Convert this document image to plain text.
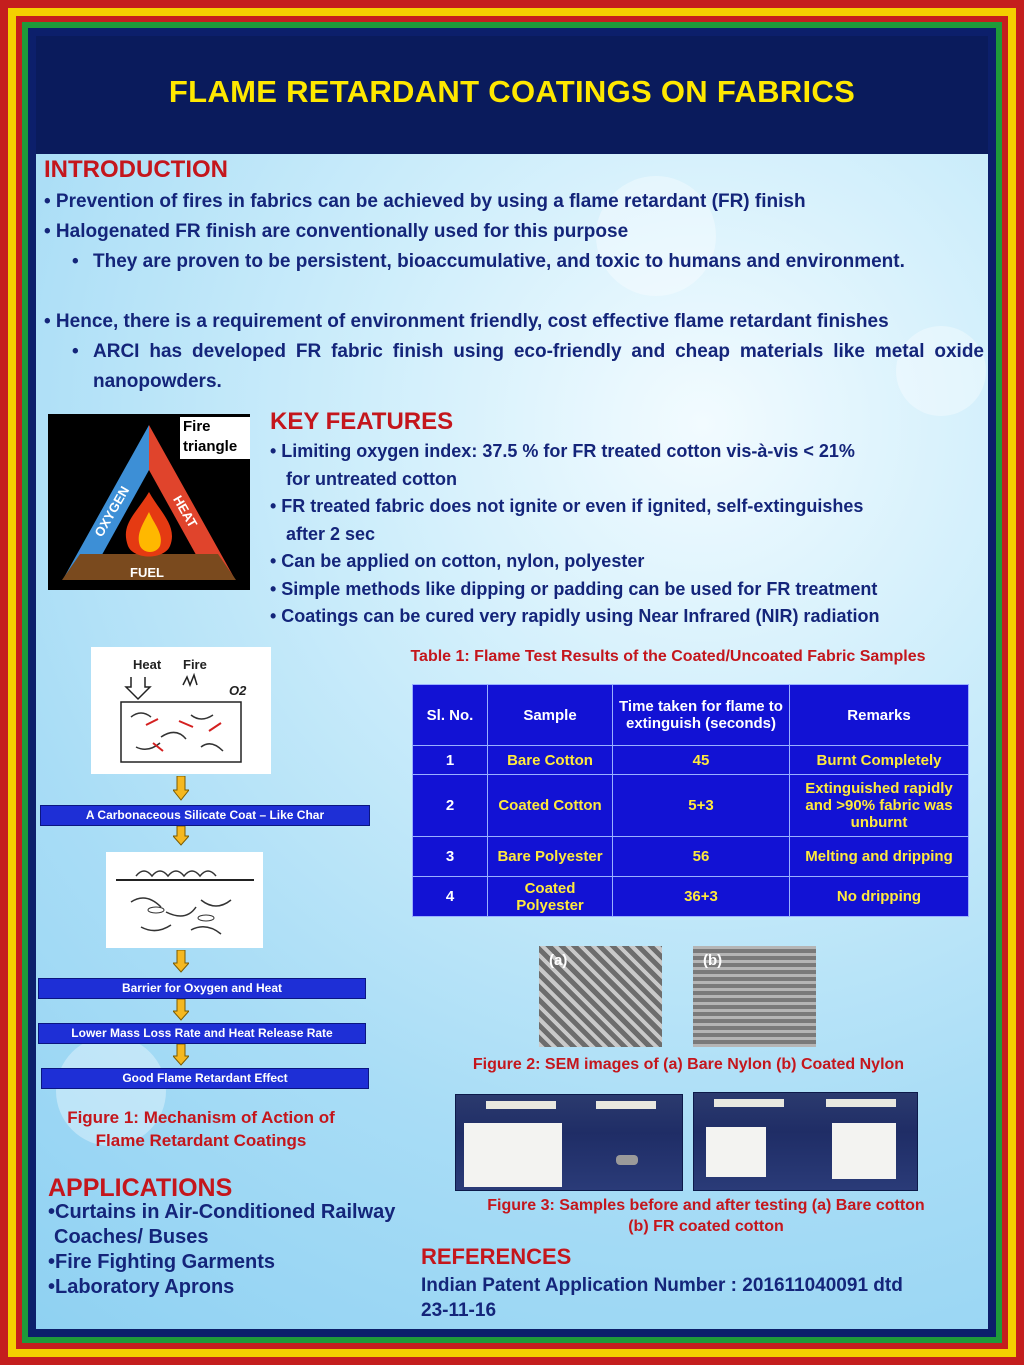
FLAME RETARDANT COATINGS ON FABRICS
INTRODUCTION
• Prevention of fires in fabrics can be achieved by using a flame retardant (FR) finish
• Halogenated FR finish are conventionally used for this purpose
• They are proven to be persistent, bioaccumulative, and toxic to humans and environment.
• Hence, there is a requirement of environment friendly, cost effective flame retardant finishes
• ARCI has developed FR fabric finish using eco-friendly and cheap materials like metal oxide nanopowders.
Fire
triangle
OXYGEN	HEAT
FUEL
KEY FEATURES
• Limiting oxygen index: 37.5 % for FR treated cotton vis-à-vis < 21%
for untreated cotton
• FR treated fabric does not ignite or even if ignited, self-extinguishes
after 2 sec
• Can be applied on cotton, nylon, polyester
• Simple methods like dipping or padding can be used for FR treatment
• Coatings can be cured very rapidly using Near Infrared (NIR) radiation
Heat Fire
O2
A Carbonaceous Silicate Coat – Like Char
Barrier for Oxygen and Heat
Lower Mass Loss Rate and Heat Release Rate
Good Flame Retardant Effect
Figure 1: Mechanism of Action of
Flame Retardant Coatings
Table 1: Flame Test Results of the Coated/Uncoated Fabric Samples
Sl. No.	Sample	Time taken for flame to extinguish (seconds)	Remarks
1	Bare Cotton	45	Burnt Completely
2	Coated Cotton	5+3	Extinguished rapidly and >90% fabric was unburnt
3	Bare Polyester	56	Melting and dripping
4	Coated Polyester	36+3	No dripping
(a)	(b)
Figure 2: SEM images of (a) Bare Nylon (b) Coated Nylon
Figure 3: Samples before and after testing (a) Bare cotton
(b) FR coated cotton
APPLICATIONS
•Curtains in Air-Conditioned Railway
Coaches/ Buses
•Fire Fighting Garments
•Laboratory Aprons
REFERENCES
Indian Patent Application Number : 201611040091 dtd
23-11-16
